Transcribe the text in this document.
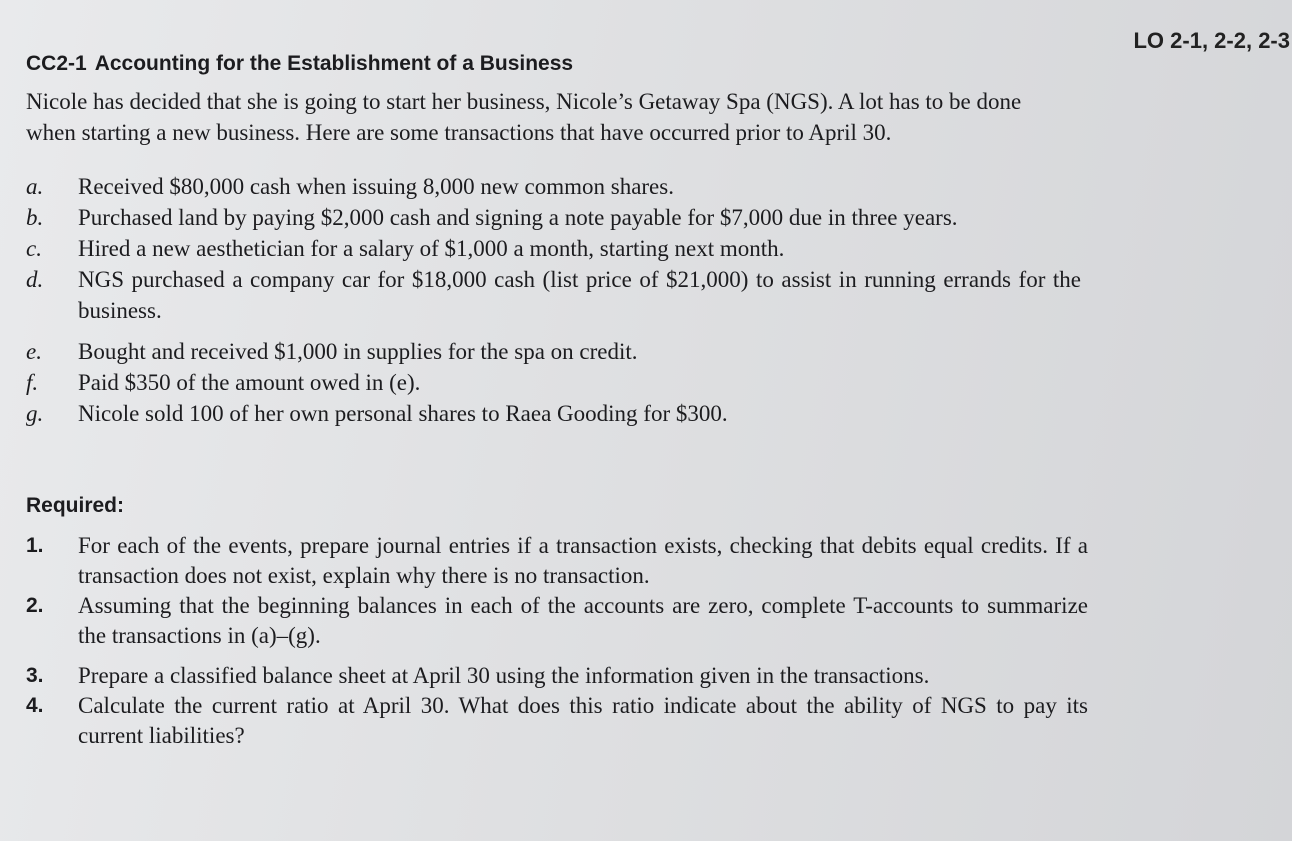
LO 2-1, 2-2, 2-3
CC2-1 Accounting for the Establishment of a Business
Nicole has decided that she is going to start her business, Nicole’s Getaway Spa (NGS). A lot has to be done when starting a new business. Here are some transactions that have occurred prior to April 30.
a.	Received $80,000 cash when issuing 8,000 new common shares.
b.	Purchased land by paying $2,000 cash and signing a note payable for $7,000 due in three years.
c.	Hired a new aesthetician for a salary of $1,000 a month, starting next month.
d.	NGS purchased a company car for $18,000 cash (list price of $21,000) to assist in running errands for the business.
e.	Bought and received $1,000 in supplies for the spa on credit.
f.	Paid $350 of the amount owed in (e).
g.	Nicole sold 100 of her own personal shares to Raea Gooding for $300.
Required:
1.	For each of the events, prepare journal entries if a transaction exists, checking that debits equal credits. If a transaction does not exist, explain why there is no transaction.
2.	Assuming that the beginning balances in each of the accounts are zero, complete T-accounts to summarize the transactions in (a)–(g).
3.	Prepare a classified balance sheet at April 30 using the information given in the transactions.
4.	Calculate the current ratio at April 30. What does this ratio indicate about the ability of NGS to pay its current liabilities?
